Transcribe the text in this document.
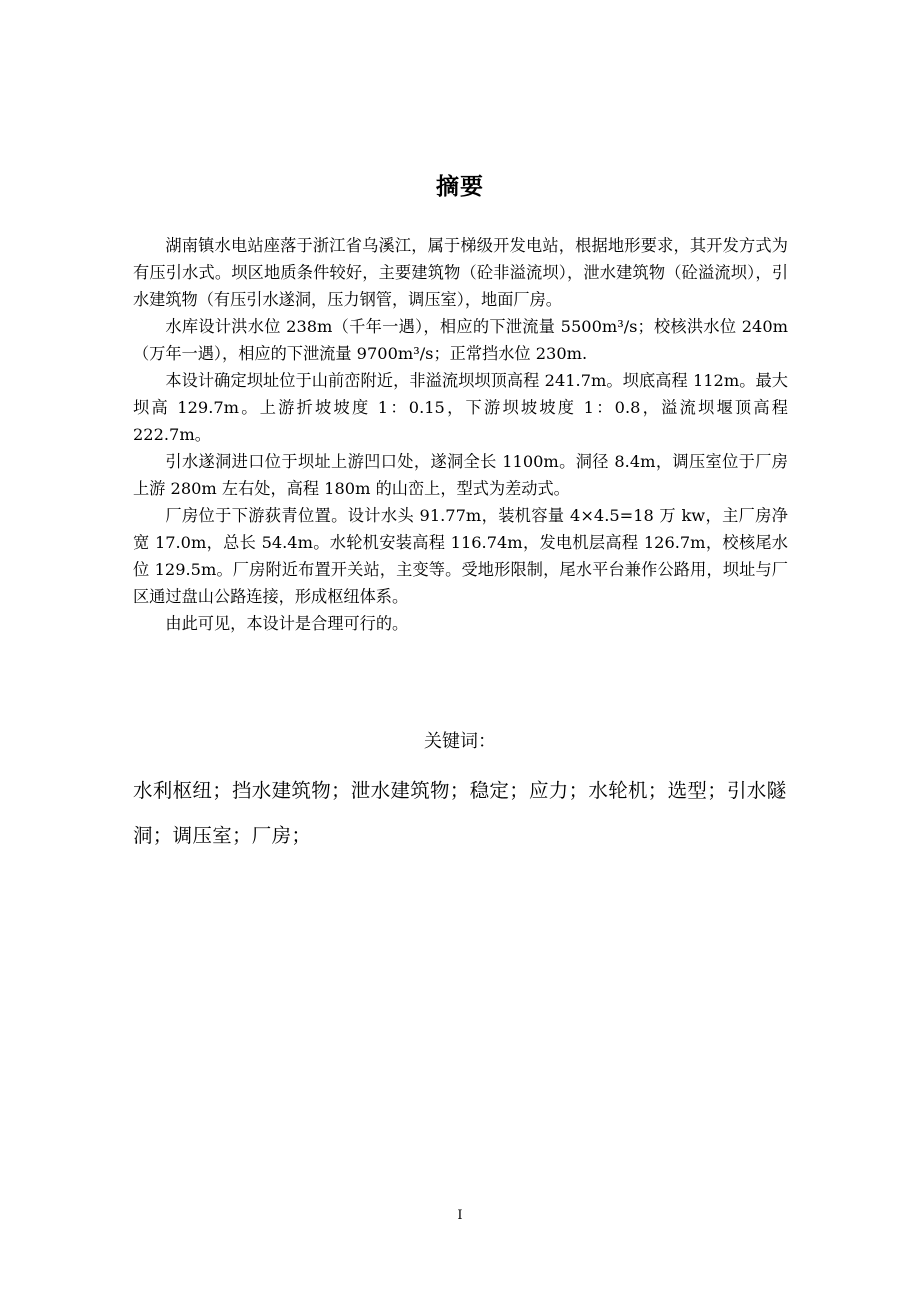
摘要

湖南镇水电站座落于浙江省乌溪江，属于梯级开发电站，根据地形要求，其开发方式为有压引水式。坝区地质条件较好，主要建筑物（砼非溢流坝），泄水建筑物（砼溢流坝），引水建筑物（有压引水遂洞，压力钢管，调压室），地面厂房。

水库设计洪水位 238m（千年一遇），相应的下泄流量 5500m³/s；校核洪水位 240m（万年一遇），相应的下泄流量 9700m³/s；正常挡水位 230m.

本设计确定坝址位于山前峦附近，非溢流坝坝顶高程 241.7m。坝底高程 112m。最大坝高 129.7m。上游折坡坡度 1：0.15，下游坝坡坡度 1：0.8，溢流坝堰顶高程 222.7m。

引水遂洞进口位于坝址上游凹口处，遂洞全长 1100m。洞径 8.4m，调压室位于厂房上游 280m 左右处，高程 180m 的山峦上，型式为差动式。

厂房位于下游荻青位置。设计水头 91.77m，装机容量 4×4.5=18 万 kw，主厂房净宽 17.0m，总长 54.4m。水轮机安装高程 116.74m，发电机层高程 126.7m，校核尾水位 129.5m。厂房附近布置开关站，主变等。受地形限制，尾水平台兼作公路用，坝址与厂区通过盘山公路连接，形成枢纽体系。

由此可见，本设计是合理可行的。

关键词：
水利枢纽；挡水建筑物；泄水建筑物；稳定；应力；水轮机；选型；引水隧洞；调压室；厂房；
I
